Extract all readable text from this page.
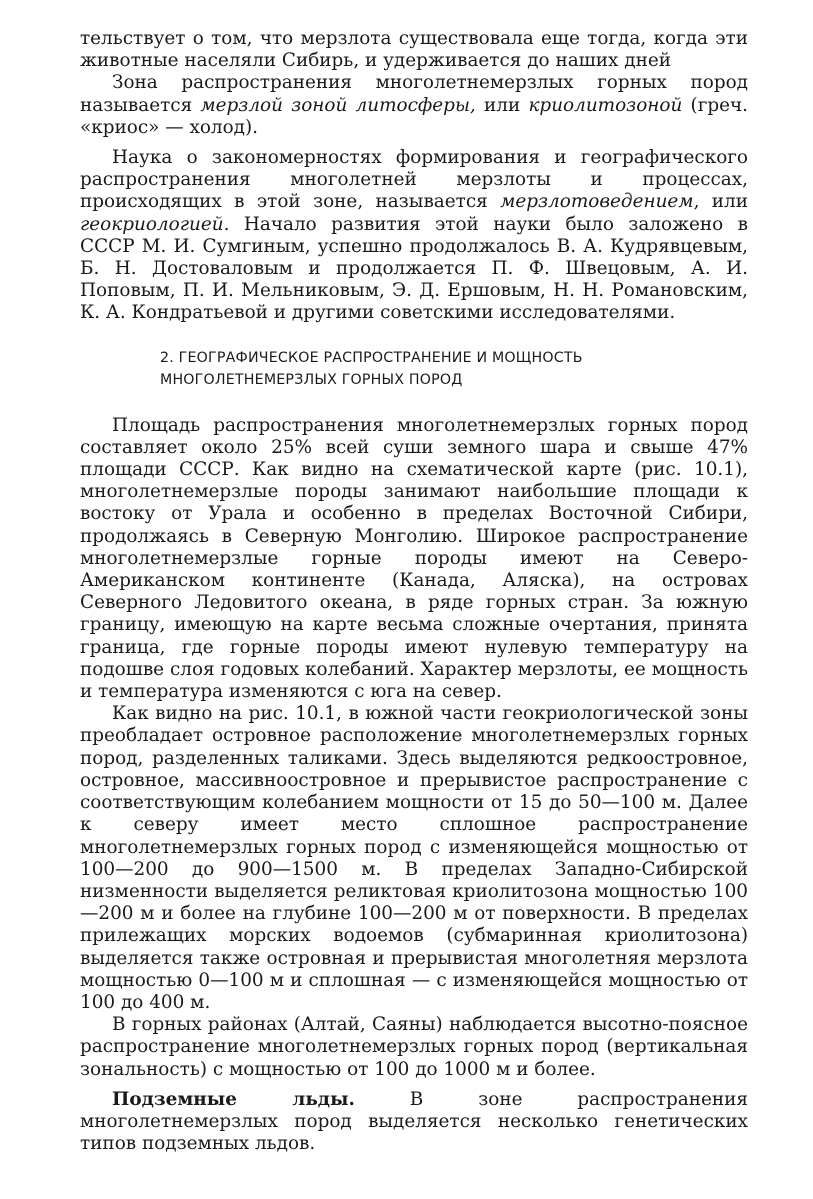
тельствует о том, что мерзлота существовала еще тогда, когда эти животные населяли Сибирь, и удерживается до наших дней

Зона распространения многолетнемерзлых горных пород называется мерзлой зоной литосферы, или криолитозоной (греч. «криос» — холод).

Наука о закономерностях формирования и географического распространения многолетней мерзлоты и процессах, происходящих в этой зоне, называется мерзлотоведением, или геокриологией. Начало развития этой науки было заложено в СССР М. И. Сумгиным, успешно продолжалось В. А. Кудрявцевым, Б. Н. Достоваловым и продолжается П. Ф. Швецовым, А. И. Поповым, П. И. Мельниковым, Э. Д. Ершовым, Н. Н. Романовским, К. А. Кондратьевой и другими советскими исследователями.

2. ГЕОГРАФИЧЕСКОЕ РАСПРОСТРАНЕНИЕ И МОЩНОСТЬ
МНОГОЛЕТНЕМЕРЗЛЫХ ГОРНЫХ ПОРОД

Площадь распространения многолетнемерзлых горных пород составляет около 25% всей суши земного шара и свыше 47% площади СССР. Как видно на схематической карте (рис. 10.1), многолетнемерзлые породы занимают наибольшие площади к востоку от Урала и особенно в пределах Восточной Сибири, продолжаясь в Северную Монголию. Широкое распространение многолетнемерзлые горные породы имеют на Северо-Американском континенте (Канада, Аляска), на островах Северного Ледовитого океана, в ряде горных стран. За южную границу, имеющую на карте весьма сложные очертания, принята граница, где горные породы имеют нулевую температуру на подошве слоя годовых колебаний. Характер мерзлоты, ее мощность и температура изменяются с юга на север.

Как видно на рис. 10.1, в южной части геокриологической зоны преобладает островное расположение многолетнемерзлых горных пород, разделенных таликами. Здесь выделяются редкоостровное, островное, массивноостровное и прерывистое распространение с соответствующим колебанием мощности от 15 до 50—100 м. Далее к северу имеет место сплошное распространение многолетнемерзлых горных пород с изменяющейся мощностью от 100—200 до 900—1500 м. В пределах Западно-Сибирской низменности выделяется реликтовая криолитозона мощностью 100—200 м и более на глубине 100—200 м от поверхности. В пределах прилежащих морских водоемов (субмаринная криолитозона) выделяется также островная и прерывистая многолетняя мерзлота мощностью 0—100 м и сплошная — с изменяющейся мощностью от 100 до 400 м.

В горных районах (Алтай, Саяны) наблюдается высотно-поясное распространение многолетнемерзлых горных пород (вертикальная зональность) с мощностью от 100 до 1000 м и более.

Подземные льды. В зоне распространения многолетнемерзлых пород выделяется несколько генетических типов подземных льдов.
